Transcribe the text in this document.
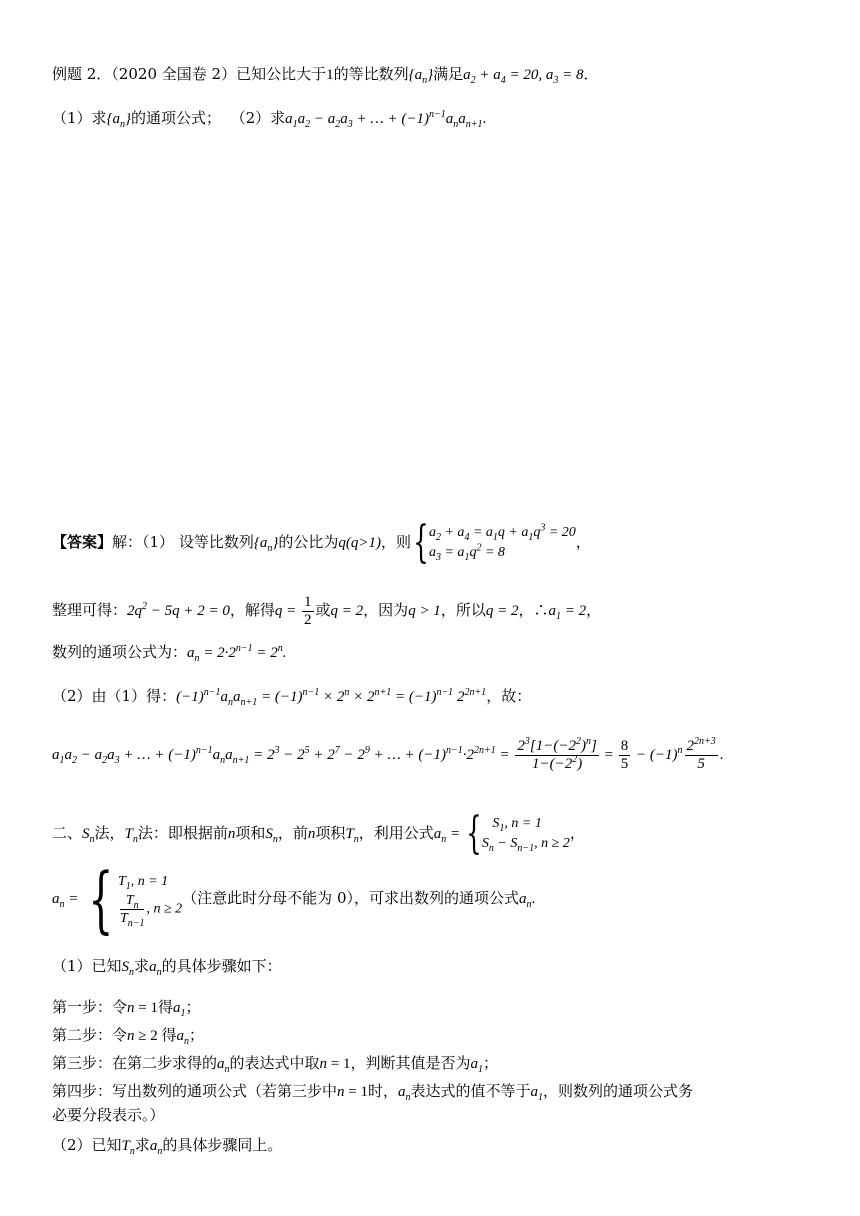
例题 2．（2020 全国卷 2）已知公比大于1的等比数列$\{a_n\}$满足$a_2 + a_4 = 20$, $a_3 = 8$．
（1）求$\{a_n\}$的通项公式； （2）求$a_1a_2 - a_2a_3$ + … + $(-1)^{n-1}a_na_{n+1}$.
【答案】解：（1） 设等比数列$\{a_n\}$的公比为q(q>1)，则{ $a_2 + a_4 = a_1q + a_1q^3 = 20$
$a_3 = a_1q^2 = 8$
，
整理可得：$2q^2 - 5q + 2 = 0$，解得$q = \frac{1}{2}$ 或q = 2，因为q > 1，所以q = 2，$\therefore a_1 = 2$，
数列的通项公式为：$a_n = 2\cdot 2^{n-1} = 2^n$.
（2）由（1）得：$(-1)^{n-1}a_na_{n+1} = (-1)^{n-1} \times 2^n \times 2^{n+1} = (-1)^{n-1}$ $2^{2n+1}$，故：
$a_1a_2 - a_2a_3$ + … + $(-1)^{n-1}a_na_{n+1} = 2^3 - 2^5 + 2^7 - 2^9$ + … + $(-1)^{n-1}\cdot 2^{2n+1} = \frac{2^3[1-(-2^2)^n]}{1-(-2^2)} = \frac{8}{5} - (-1)^n \frac{2^{2n+3}}{5}$ .
二、$S_n$法，$T_n$法：即根据前n项和$S_n$，前n项积$T_n$，利用公式$a_n$ = { $S_1$, n = 1
$S_n - S_{n-1}$, n ≥ 2
，
$a_n$ = { $T_1$, n = 1
$\frac{T_n}{T_{n-1}}$ , n ≥ 2
（注意此时分母不能为 0），可求出数列的通项公式$a_n$.
（1）已知$S_n$求$a_n$的具体步骤如下：
第一步：令n = 1得$a_1$；
第二步：令n ≥ 2 得$a_n$；
第三步：在第二步求得的$a_n$的表达式中取n = 1，判断其值是否为$a_1$；
第四步：写出数列的通项公式（若第三步中n = 1时，$a_n$表达式的值不等于$a_1$，则数列的通项公式务
必要分段表示。）
（2）已知$T_n$求$a_n$的具体步骤同上。
